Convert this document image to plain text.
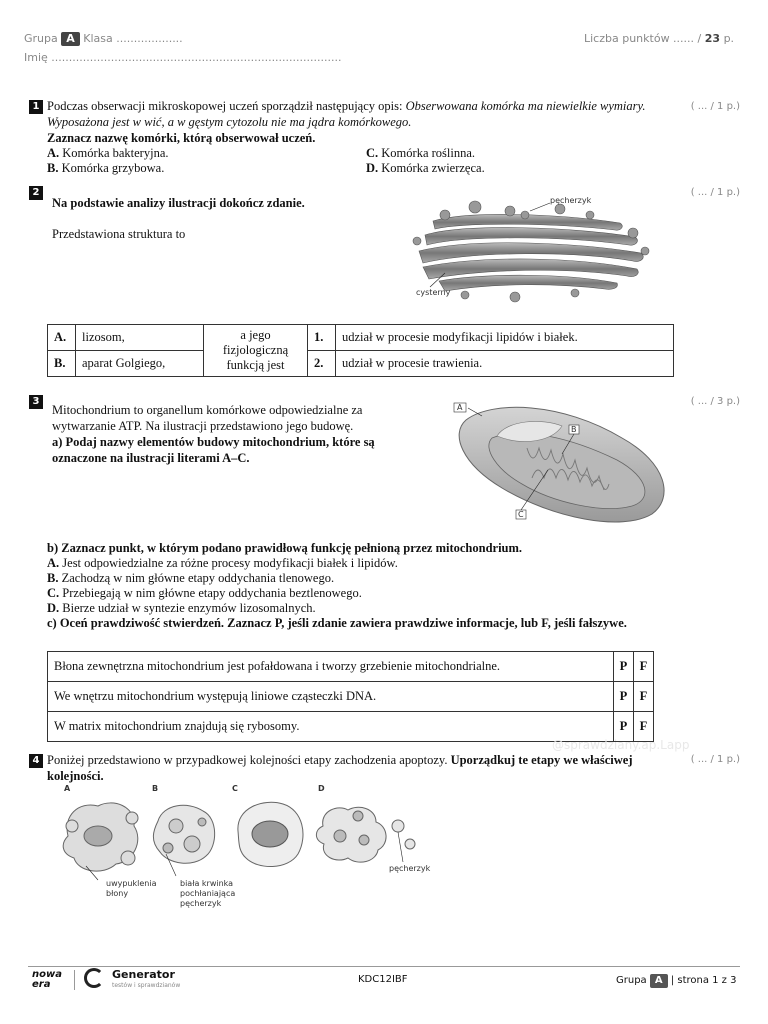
Grupa A Klasa ...................
Imię ...................................................................................
Liczba punktów ...... / 23 p.
1	( ... / 1 p.)
Podczas obserwacji mikroskopowej uczeń sporządził następujący opis: Obserwowana komórka ma niewielkie wymiary. Wyposażona jest w wić, a w gęstym cytozolu nie ma jądra komórkowego.
Zaznacz nazwę komórki, którą obserwował uczeń.
A. Komórka bakteryjna.
B. Komórka grzybowa.
C. Komórka roślinna.
D. Komórka zwierzęca.
2	( ... / 1 p.)
Na podstawie analizy ilustracji dokończ zdanie.
Przedstawiona struktura to
pęcherzyk
cysterny
A.	lizosom,	a jego fizjologiczną funkcją jest	1.	udział w procesie modyfikacji lipidów i białek.
B.	aparat Golgiego,		2.	udział w procesie trawienia.
3	( ... / 3 p.)
Mitochondrium to organellum komórkowe odpowiedzialne za wytwarzanie ATP. Na ilustracji przedstawiono jego budowę.
a) Podaj nazwy elementów budowy mitochondrium, które są oznaczone na ilustracji literami A–C.
A
B
C
b) Zaznacz punkt, w którym podano prawidłową funkcję pełnioną przez mitochondrium.
A. Jest odpowiedzialne za różne procesy modyfikacji białek i lipidów.
B. Zachodzą w nim główne etapy oddychania tlenowego.
C. Przebiegają w nim główne etapy oddychania beztlenowego.
D. Bierze udział w syntezie enzymów lizosomalnych.
c) Oceń prawdziwość stwierdzeń. Zaznacz P, jeśli zdanie zawiera prawdziwe informacje, lub F, jeśli fałszywe.
Błona zewnętrzna mitochondrium jest pofałdowana i tworzy grzebienie mitochondrialne.	P	F
We wnętrzu mitochondrium występują liniowe cząsteczki DNA.	P	F
W matrix mitochondrium znajdują się rybosomy.	P	F
4	( ... / 1 p.)
@sprawdziany.ap.Lapp
Poniżej przedstawiono w przypadkowej kolejności etapy zachodzenia apoptozy. Uporządkuj te etapy we właściwej kolejności.
A	B	C	D
uwypuklenia błony
biała krwinka pochłaniająca pęcherzyk
pęcherzyk
nowa
era
Generator
testów i sprawdzianów
KDC12IBF	Grupa A | strona 1 z 3
